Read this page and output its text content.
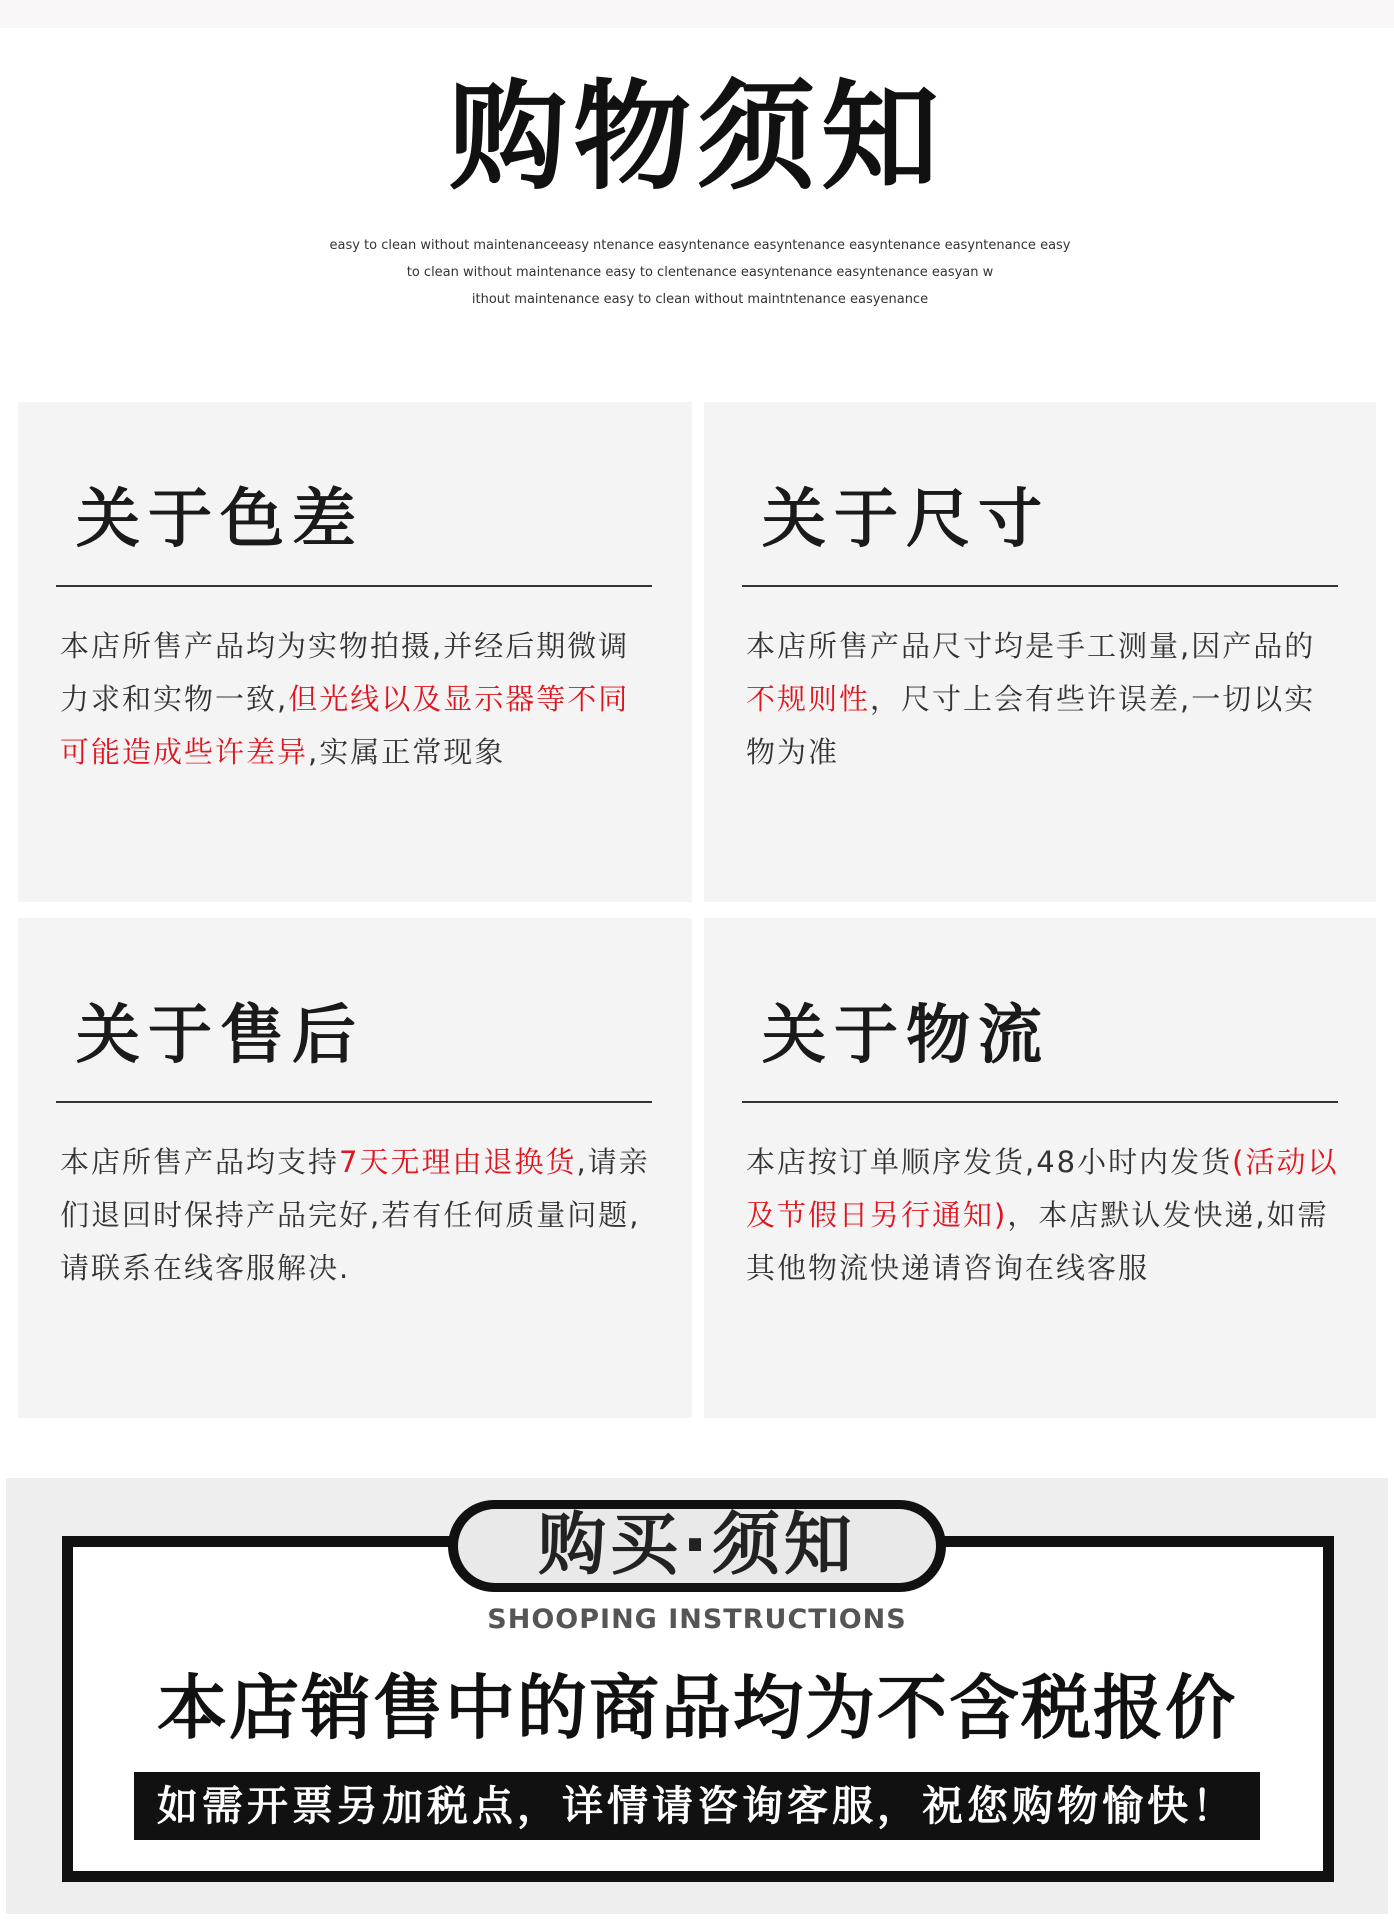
购物须知
easy to clean without maintenanceeasy ntenance easyntenance easyntenance easyntenance easyntenance easy
to clean without maintenance easy to clentenance easyntenance easyntenance easyan w
ithout maintenance easy to clean without maintntenance easyenance
关于色差
本店所售产品均为实物拍摄,并经后期微调力求和实物一致,但光线以及显示器等不同可能造成些许差异,实属正常现象
关于尺寸
本店所售产品尺寸均是手工测量,因产品的不规则性，尺寸上会有些许误差,一切以实物为准
关于售后
本店所售产品均支持7天无理由退换货,请亲们退回时保持产品完好,若有任何质量问题,请联系在线客服解决.
关于物流
本店按订单顺序发货,48小时内发货(活动以及节假日另行通知)，本店默认发快递,如需其他物流快递请咨询在线客服
购买·须知
SHOOPING INSTRUCTIONS
本店销售中的商品均为不含税报价
如需开票另加税点，详情请咨询客服，祝您购物愉快！
